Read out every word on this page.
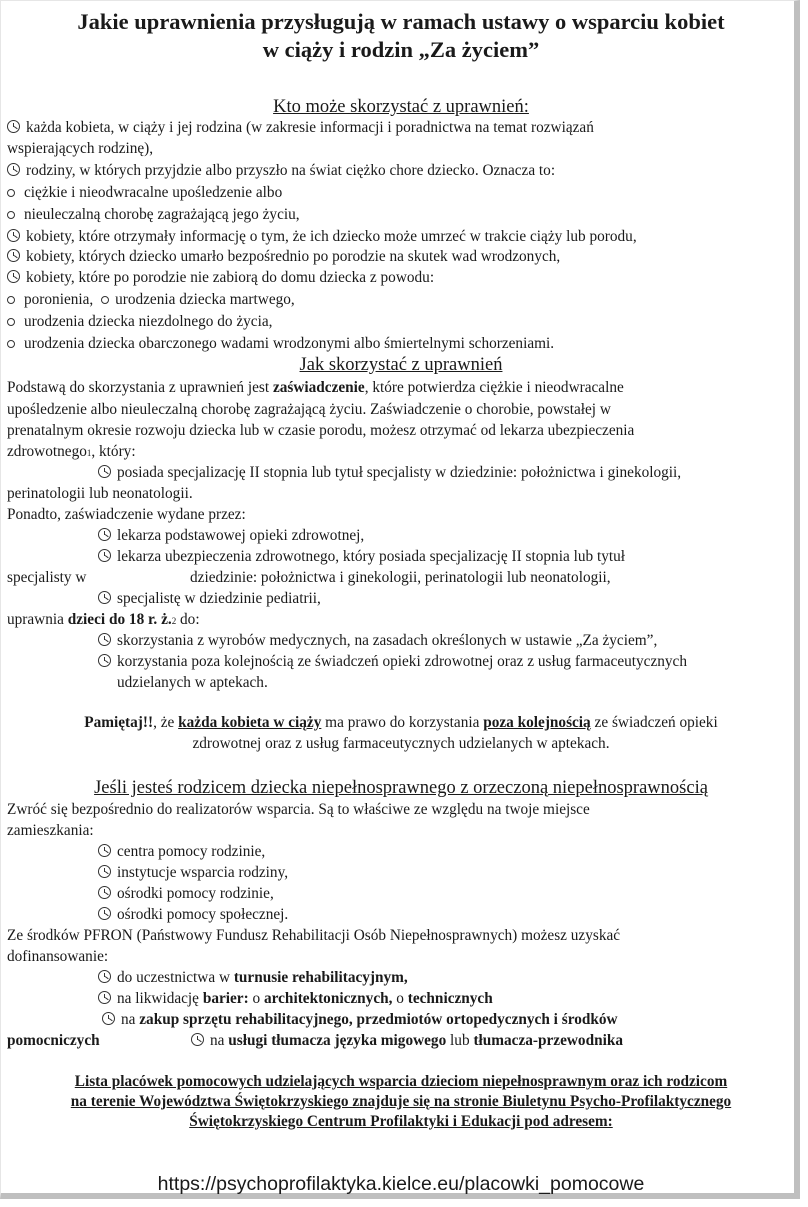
Jakie uprawnienia przysługują w ramach ustawy o wsparciu kobiet
w ciąży i rodzin „Za życiem”
Kto może skorzystać z uprawnień:
każda kobieta, w ciąży i jej rodzina (w zakresie informacji i poradnictwa na temat rozwiązań
wspierających rodzinę),
rodziny, w których przyjdzie albo przyszło na świat ciężko chore dziecko. Oznacza to:
ciężkie i nieodwracalne upośledzenie albo
nieuleczalną chorobę zagrażającą jego życiu,
kobiety, które otrzymały informację o tym, że ich dziecko może umrzeć w trakcie ciąży lub porodu,
kobiety, których dziecko umarło bezpośrednio po porodzie na skutek wad wrodzonych,
kobiety, które po porodzie nie zabiorą do domu dziecka z powodu:
poronienia, urodzenia dziecka martwego,
urodzenia dziecka niezdolnego do życia,
urodzenia dziecka obarczonego wadami wrodzonymi albo śmiertelnymi schorzeniami.
Jak skorzystać z uprawnień
Podstawą do skorzystania z uprawnień jest zaświadczenie, które potwierdza ciężkie i nieodwracalne
upośledzenie albo nieuleczalną chorobę zagrażającą życiu. Zaświadczenie o chorobie, powstałej w
prenatalnym okresie rozwoju dziecka lub w czasie porodu, możesz otrzymać od lekarza ubezpieczenia
zdrowotnego1, który:
posiada specjalizację II stopnia lub tytuł specjalisty w dziedzinie: położnictwa i ginekologii,
perinatologii lub neonatologii.
Ponadto, zaświadczenie wydane przez:
lekarza podstawowej opieki zdrowotnej,
lekarza ubezpieczenia zdrowotnego, który posiada specjalizację II stopnia lub tytuł
specjalisty w	dziedzinie: położnictwa i ginekologii, perinatologii lub neonatologii,
specjalistę w dziedzinie pediatrii,
uprawnia dzieci do 18 r. ż.2 do:
skorzystania z wyrobów medycznych, na zasadach określonych w ustawie „Za życiem”,
korzystania poza kolejnością ze świadczeń opieki zdrowotnej oraz z usług farmaceutycznych
udzielanych w aptekach.
Pamiętaj!!, że każda kobieta w ciąży ma prawo do korzystania poza kolejnością ze świadczeń opieki
zdrowotnej oraz z usług farmaceutycznych udzielanych w aptekach.
Jeśli jesteś rodzicem dziecka niepełnosprawnego z orzeczoną niepełnosprawnością
Zwróć się bezpośrednio do realizatorów wsparcia. Są to właściwe ze względu na twoje miejsce
zamieszkania:
centra pomocy rodzinie,
instytucje wsparcia rodziny,
ośrodki pomocy rodzinie,
ośrodki pomocy społecznej.
Ze środków PFRON (Państwowy Fundusz Rehabilitacji Osób Niepełnosprawnych) możesz uzyskać
dofinansowanie:
do uczestnictwa w turnusie rehabilitacyjnym,
na likwidację barier: o architektonicznych, o technicznych
na zakup sprzętu rehabilitacyjnego, przedmiotów ortopedycznych i środków
pomocniczych	na usługi tłumacza języka migowego lub tłumacza-przewodnika
Lista placówek pomocowych udzielających wsparcia dzieciom niepełnosprawnym oraz ich rodzicom
na terenie Województwa Świętokrzyskiego znajduje się na stronie Biuletynu Psycho-Profilaktycznego
Świętokrzyskiego Centrum Profilaktyki i Edukacji pod adresem:
https://psychoprofilaktyka.kielce.eu/placowki_pomocowe
